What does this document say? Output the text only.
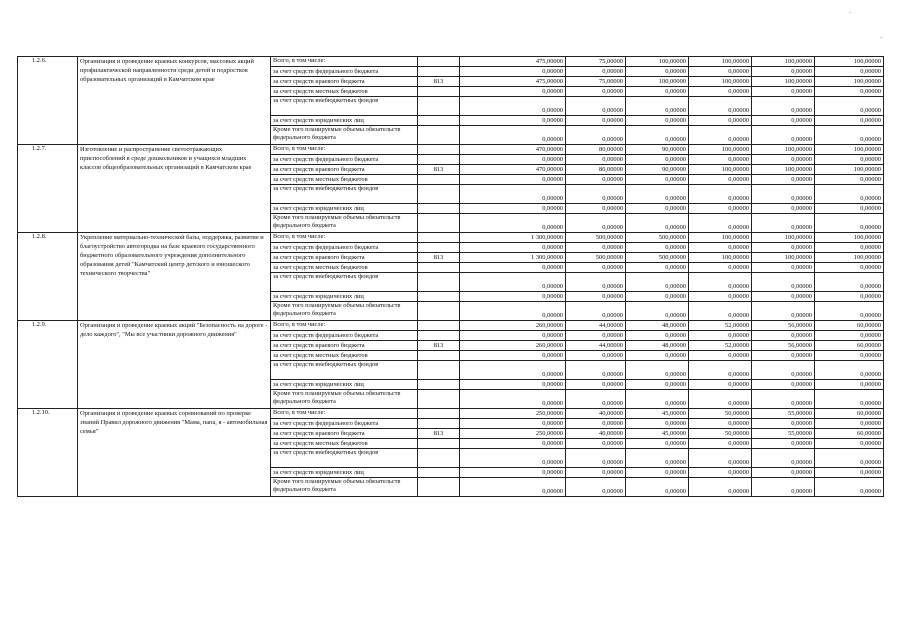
.
-
1.2.6.	Организация и проведение краевых конкурсов, массовых акций профилактической направленности среди детей и подростков образовательных организаций в Камчатском крае	Всего, в том числе:		475,00000	75,00000	100,00000	100,00000	100,00000	100,00000
		за счет средств федерального бюджета		0,00000	0,00000	0,00000	0,00000	0,00000	0,00000
		за счет средств краевого бюджета	813	475,00000	75,00000	100,00000	100,00000	100,00000	100,00000
		за счет средств местных бюджетов		0,00000	0,00000	0,00000	0,00000	0,00000	0,00000
		за счет средств внебюджетных фондов		0,00000	0,00000	0,00000	0,00000	0,00000	0,00000
		за счет средств юридических лиц		0,00000	0,00000	0,00000	0,00000	0,00000	0,00000
		Кроме того планируемые объемы обязательств федерального бюджета		0,00000	0,00000	0,00000	0,00000	0,00000	0,00000
1.2.7.	Изготовление и распространение светоотражающих приспособлений в среде дошкольников и учащихся младших классов общеобразовательных организаций в Камчатском крае	Всего, в том числе:		470,00000	80,00000	90,00000	100,00000	100,00000	100,00000
		за счет средств федерального бюджета		0,00000	0,00000	0,00000	0,00000	0,00000	0,00000
		за счет средств краевого бюджета	813	470,00000	80,00000	90,00000	100,00000	100,00000	100,00000
		за счет средств местных бюджетов		0,00000	0,00000	0,00000	0,00000	0,00000	0,00000
		за счет средств внебюджетных фондов		0,00000	0,00000	0,00000	0,00000	0,00000	0,00000
		за счет средств юридических лиц		0,00000	0,00000	0,00000	0,00000	0,00000	0,00000
		Кроме того планируемые объемы обязательств федерального бюджета		0,00000	0,00000	0,00000	0,00000	0,00000	0,00000
1.2.8.	Укрепление материально-технической базы, поддержка, развитие и благоустройство автогородка на базе краевого государственного бюджетного образовательного учреждения дополнительного образования детей "Камчатский центр детского и юношеского технического творчества"	Всего, в том числе:		1 300,00000	500,00000	500,00000	100,00000	100,00000	100,00000
		за счет средств федерального бюджета		0,00000	0,00000	0,00000	0,00000	0,00000	0,00000
		за счет средств краевого бюджета	813	1 300,00000	500,00000	500,00000	100,00000	100,00000	100,00000
		за счет средств местных бюджетов		0,00000	0,00000	0,00000	0,00000	0,00000	0,00000
		за счет средств внебюджетных фондов		0,00000	0,00000	0,00000	0,00000	0,00000	0,00000
		за счет средств юридических лиц		0,00000	0,00000	0,00000	0,00000	0,00000	0,00000
		Кроме того планируемые объемы обязательств федерального бюджета		0,00000	0,00000	0,00000	0,00000	0,00000	0,00000
1.2.9.	Организация и проведение краевых акций "Безопасность на дороге - дело каждого", "Мы все участники дорожного движения"	Всего, в том числе:		260,00000	44,00000	48,00000	52,00000	56,00000	60,00000
		за счет средств федерального бюджета		0,00000	0,00000	0,00000	0,00000	0,00000	0,00000
		за счет средств краевого бюджета	813	260,00000	44,00000	48,00000	52,00000	56,00000	60,00000
		за счет средств местных бюджетов		0,00000	0,00000	0,00000	0,00000	0,00000	0,00000
		за счет средств внебюджетных фондов		0,00000	0,00000	0,00000	0,00000	0,00000	0,00000
		за счет средств юридических лиц		0,00000	0,00000	0,00000	0,00000	0,00000	0,00000
		Кроме того планируемые объемы обязательств федерального бюджета		0,00000	0,00000	0,00000	0,00000	0,00000	0,00000
1.2.10.	Организация и проведение краевых соревнований по проверке знаний Правил дорожного движения "Мама, папа, я - автомобильная семья"	Всего, в том числе:		250,00000	40,00000	45,00000	50,00000	55,00000	60,00000
		за счет средств федерального бюджета		0,00000	0,00000	0,00000	0,00000	0,00000	0,00000
		за счет средств краевого бюджета	813	250,00000	40,00000	45,00000	50,00000	55,00000	60,00000
		за счет средств местных бюджетов		0,00000	0,00000	0,00000	0,00000	0,00000	0,00000
		за счет средств внебюджетных фондов		0,00000	0,00000	0,00000	0,00000	0,00000	0,00000
		за счет средств юридических лиц		0,00000	0,00000	0,00000	0,00000	0,00000	0,00000
		Кроме того планируемые объемы обязательств федерального бюджета		0,00000	0,00000	0,00000	0,00000	0,00000	0,00000
